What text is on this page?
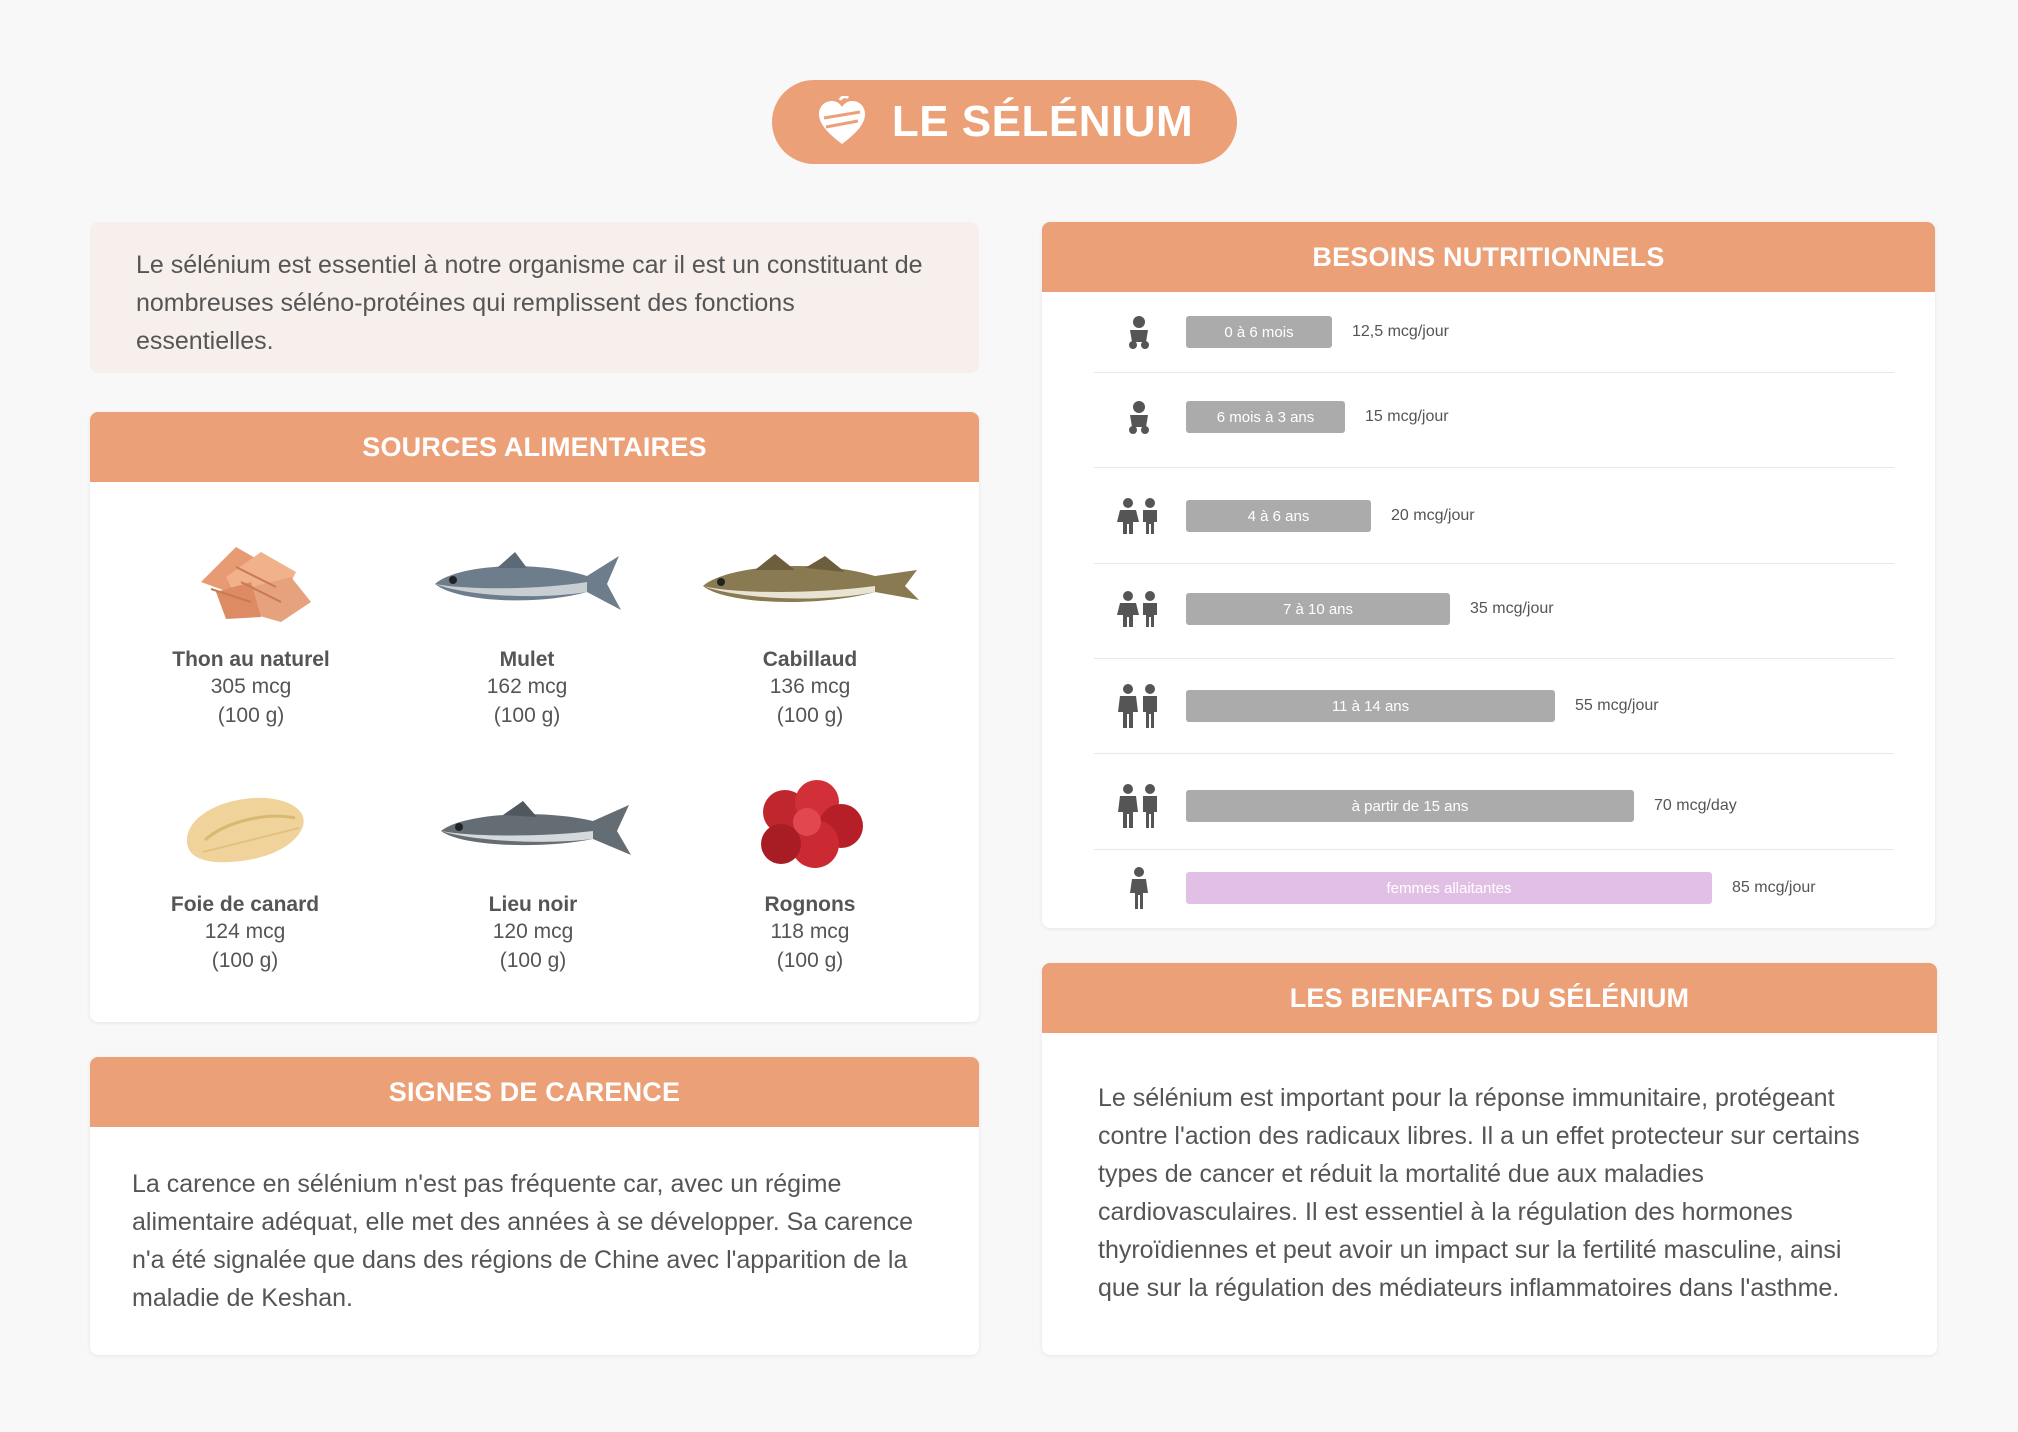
LE SÉLÉNIUM
Le sélénium est essentiel à notre organisme car il est un constituant de nombreuses séléno-protéines qui remplissent des fonctions essentielles.
SOURCES ALIMENTAIRES
Thon au naturel
305 mcg
(100 g)
Mulet
162 mcg
(100 g)
Cabillaud
136 mcg
(100 g)
Foie de canard
124 mcg
(100 g)
Lieu noir
120 mcg
(100 g)
Rognons
118 mcg
(100 g)
SIGNES DE CARENCE
La carence en sélénium n'est pas fréquente car, avec un régime alimentaire adéquat, elle met des années à se développer. Sa carence n'a été signalée que dans des régions de Chine avec l'apparition de la maladie de Keshan.
BESOINS NUTRITIONNELS
0 à 6 mois	12,5 mcg/jour
6 mois à 3 ans	15 mcg/jour
4 à 6 ans	20 mcg/jour
7 à 10 ans	35 mcg/jour
11 à 14 ans	55 mcg/jour
à partir de 15 ans	70 mcg/day
femmes allaitantes	85 mcg/jour
LES BIENFAITS DU SÉLÉNIUM
Le sélénium est important pour la réponse immunitaire, protégeant contre l'action des radicaux libres. Il a un effet protecteur sur certains types de cancer et réduit la mortalité due aux maladies cardiovasculaires. Il est essentiel à la régulation des hormones thyroïdiennes et peut avoir un impact sur la fertilité masculine, ainsi que sur la régulation des médiateurs inflammatoires dans l'asthme.
